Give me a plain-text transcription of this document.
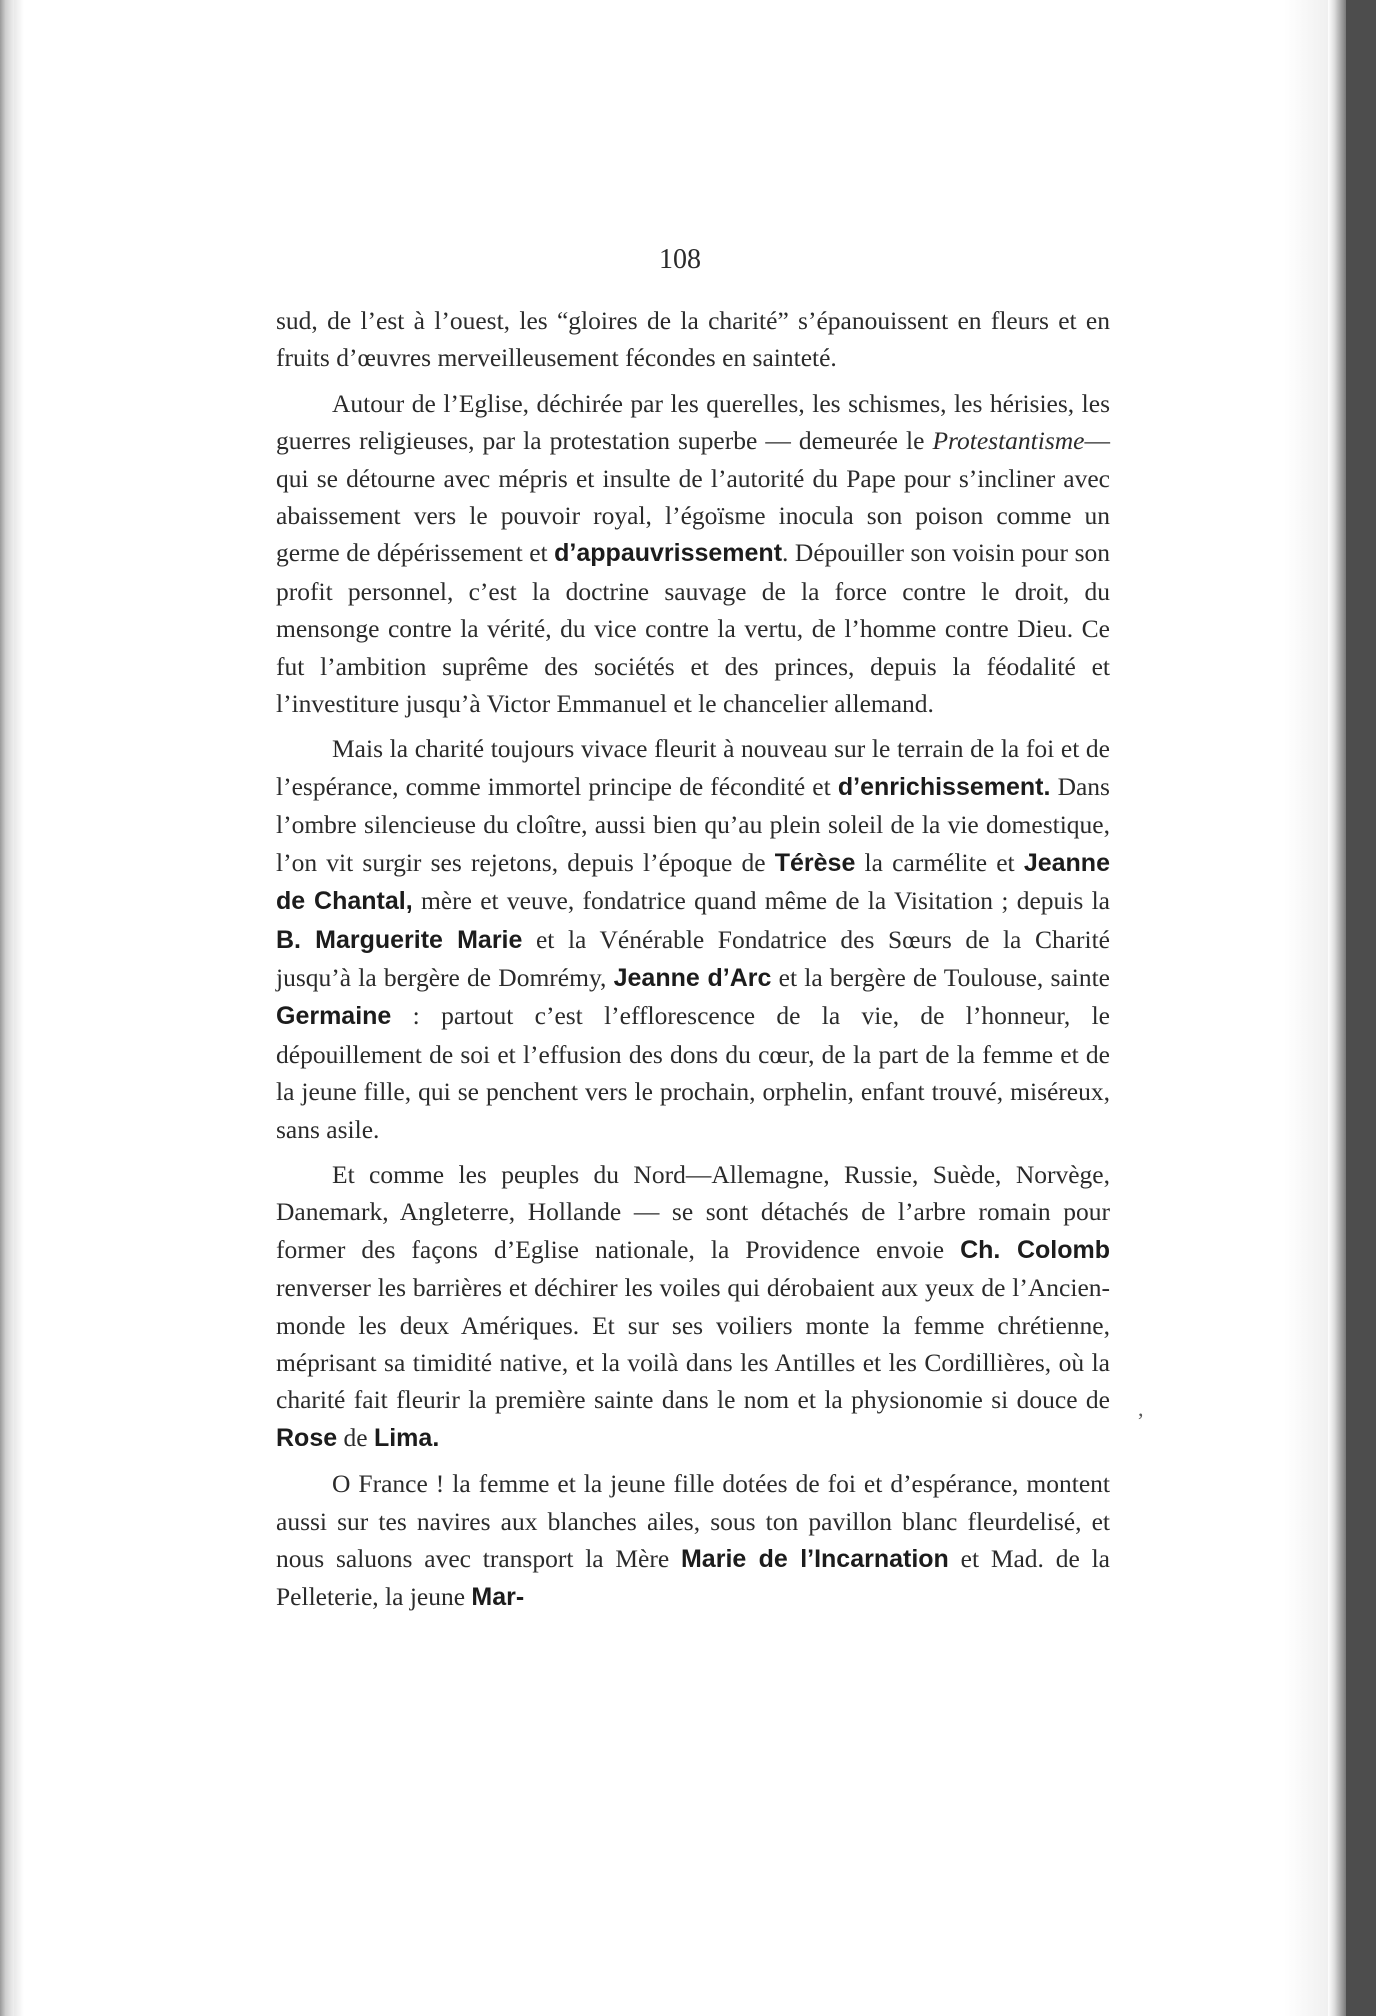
108

sud, de l’est à l’ouest, les “gloires de la charité” s’épanouissent en fleurs et en fruits d’œuvres merveilleusement fécondes en sainteté.

Autour de l’Eglise, déchirée par les querelles, les schismes, les hérisies, les guerres religieuses, par la protestation superbe — demeurée le Protestantisme— qui se détourne avec mépris et insulte de l’autorité du Pape pour s’incliner avec abaissement vers le pouvoir royal, l’égoïsme inocula son poison comme un germe de dépérissement et d’appauvrissement. Dépouiller son voisin pour son profit personnel, c’est la doctrine sauvage de la force contre le droit, du mensonge contre la vérité, du vice contre la vertu, de l’homme contre Dieu. Ce fut l’ambition suprême des sociétés et des princes, depuis la féodalité et l’investiture jusqu’à Victor Emmanuel et le chancelier allemand.

Mais la charité toujours vivace fleurit à nouveau sur le terrain de la foi et de l’espérance, comme immortel principe de fécondité et d’enrichissement. Dans l’ombre silencieuse du cloître, aussi bien qu’au plein soleil de la vie domestique, l’on vit surgir ses rejetons, depuis l’époque de Térèse la carmélite et Jeanne de Chantal, mère et veuve, fondatrice quand même de la Visitation ; depuis la B. Marguerite Marie et la Vénérable Fondatrice des Sœurs de la Charité jusqu’à la bergère de Domrémy, Jeanne d’Arc et la bergère de Toulouse, sainte Germaine : partout c’est l’efflorescence de la vie, de l’honneur, le dépouillement de soi et l’effusion des dons du cœur, de la part de la femme et de la jeune fille, qui se penchent vers le prochain, orphelin, enfant trouvé, miséreux, sans asile.

Et comme les peuples du Nord—Allemagne, Russie, Suède, Norvège, Danemark, Angleterre, Hollande — se sont détachés de l’arbre romain pour former des façons d’Eglise nationale, la Providence envoie Ch. Colomb renverser les barrières et déchirer les voiles qui dérobaient aux yeux de l’Ancien-monde les deux Amériques. Et sur ses voiliers monte la femme chrétienne, méprisant sa timidité native, et la voilà dans les Antilles et les Cordillières, où la charité fait fleurir la première sainte dans le nom et la physionomie si douce de Rose de Lima.

O France ! la femme et la jeune fille dotées de foi et d’espérance, montent aussi sur tes navires aux blanches ailes, sous ton pavillon blanc fleurdelisé, et nous saluons avec transport la Mère Marie de l’Incarnation et Mad. de la Pelleterie, la jeune Mar-

,
